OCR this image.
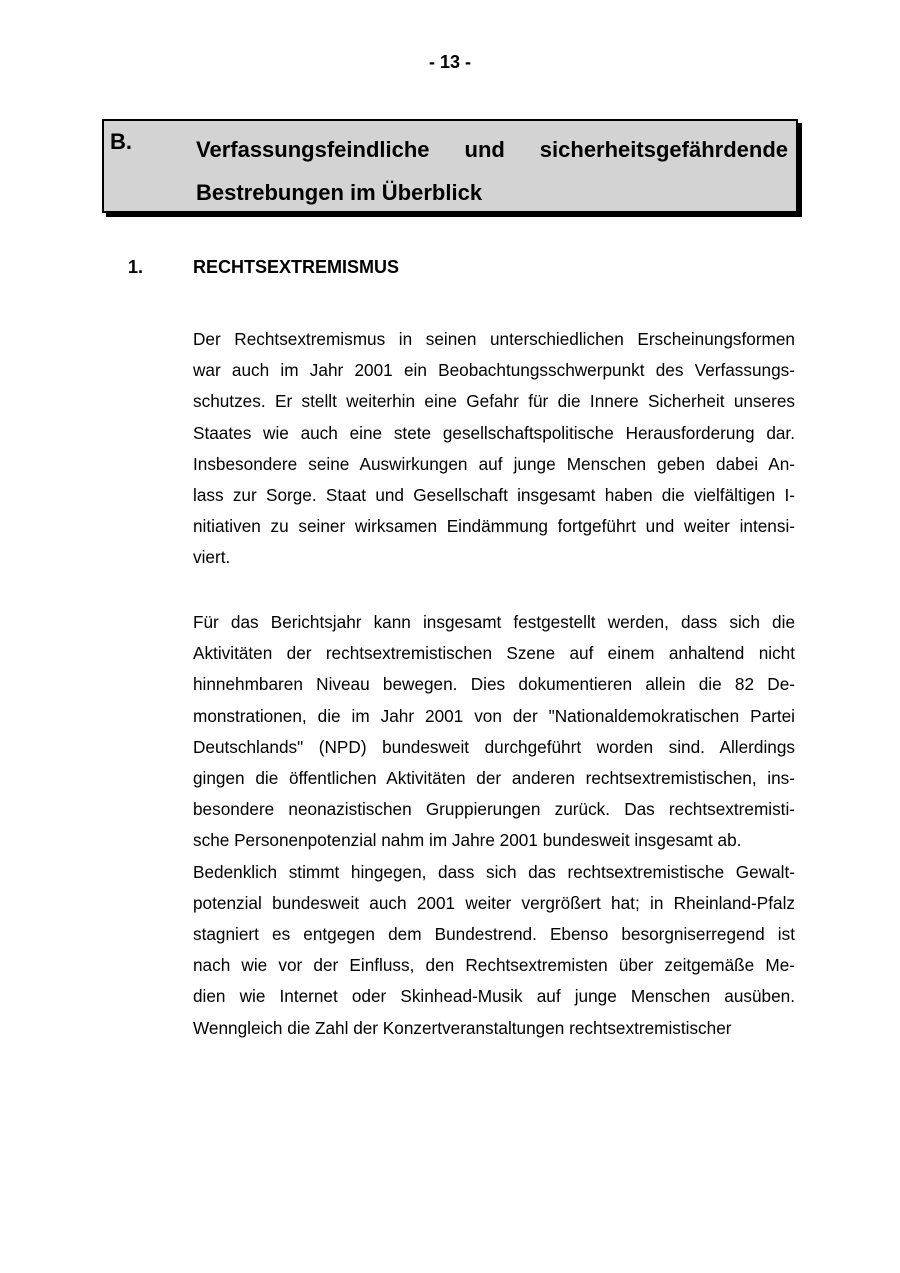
- 13 -
B.	Verfassungsfeindliche und sicherheitsgefährdende
Bestrebungen im Überblick
1.	RECHTSEXTREMISMUS
Der Rechtsextremismus in seinen unterschiedlichen Erscheinungsformen
war auch im Jahr 2001 ein Beobachtungsschwerpunkt des Verfassungs-
schutzes. Er stellt weiterhin eine Gefahr für die Innere Sicherheit unseres
Staates wie auch eine stete gesellschaftspolitische Herausforderung dar.
Insbesondere seine Auswirkungen auf junge Menschen geben dabei An-
lass zur Sorge. Staat und Gesellschaft insgesamt haben die vielfältigen I-
nitiativen zu seiner wirksamen Eindämmung fortgeführt und weiter intensi-
viert.
Für das Berichtsjahr kann insgesamt festgestellt werden, dass sich die
Aktivitäten der rechtsextremistischen Szene auf einem anhaltend nicht
hinnehmbaren Niveau bewegen. Dies dokumentieren allein die 82 De-
monstrationen, die im Jahr 2001 von der "Nationaldemokratischen Partei
Deutschlands" (NPD) bundesweit durchgeführt worden sind. Allerdings
gingen die öffentlichen Aktivitäten der anderen rechtsextremistischen, ins-
besondere neonazistischen Gruppierungen zurück. Das rechtsextremisti-
sche Personenpotenzial nahm im Jahre 2001 bundesweit insgesamt ab.
Bedenklich stimmt hingegen, dass sich das rechtsextremistische Gewalt-
potenzial bundesweit auch 2001 weiter vergrößert hat; in Rheinland-Pfalz
stagniert es entgegen dem Bundestrend. Ebenso besorgniserregend ist
nach wie vor der Einfluss, den Rechtsextremisten über zeitgemäße Me-
dien wie Internet oder Skinhead-Musik auf junge Menschen ausüben.
Wenngleich die Zahl der Konzertveranstaltungen rechtsextremistischer
